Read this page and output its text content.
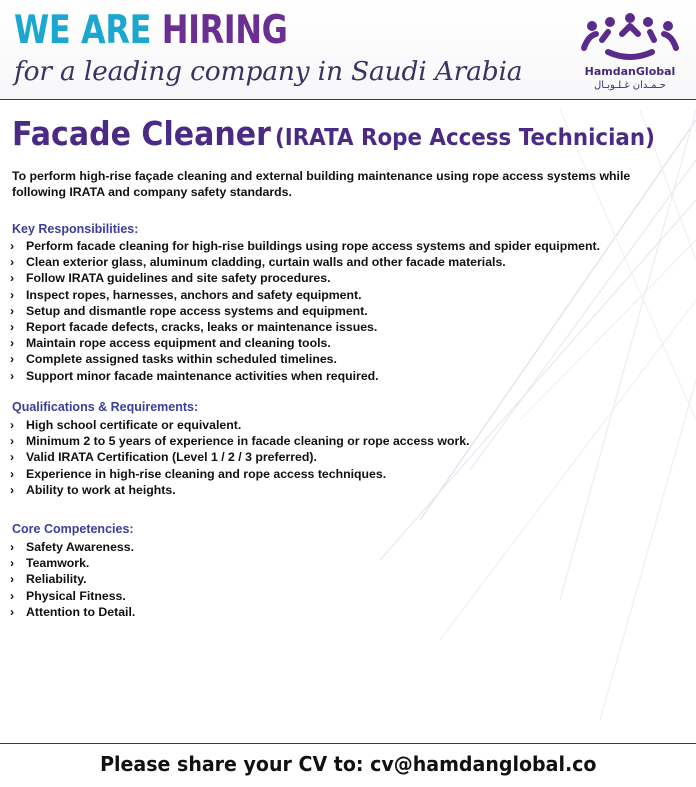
WE ARE HIRING
for a leading company in Saudi Arabia	HamdanGlobal
حـمـدان غـلـوبـال
Facade Cleaner (IRATA Rope Access Technician)
To perform high-rise façade cleaning and external building maintenance using rope access systems while following IRATA and company safety standards.
Key Responsibilities:
› Perform facade cleaning for high-rise buildings using rope access systems and spider equipment.
› Clean exterior glass, aluminum cladding, curtain walls and other facade materials.
› Follow IRATA guidelines and site safety procedures.
› Inspect ropes, harnesses, anchors and safety equipment.
› Setup and dismantle rope access systems and equipment.
› Report facade defects, cracks, leaks or maintenance issues.
› Maintain rope access equipment and cleaning tools.
› Complete assigned tasks within scheduled timelines.
› Support minor facade maintenance activities when required.
Qualifications & Requirements:
› High school certificate or equivalent.
› Minimum 2 to 5 years of experience in facade cleaning or rope access work.
› Valid IRATA Certification (Level 1 / 2 / 3 preferred).
› Experience in high-rise cleaning and rope access techniques.
› Ability to work at heights.
Core Competencies:
› Safety Awareness.
› Teamwork.
› Reliability.
› Physical Fitness.
› Attention to Detail.
Please share your CV to: cv@hamdanglobal.co
